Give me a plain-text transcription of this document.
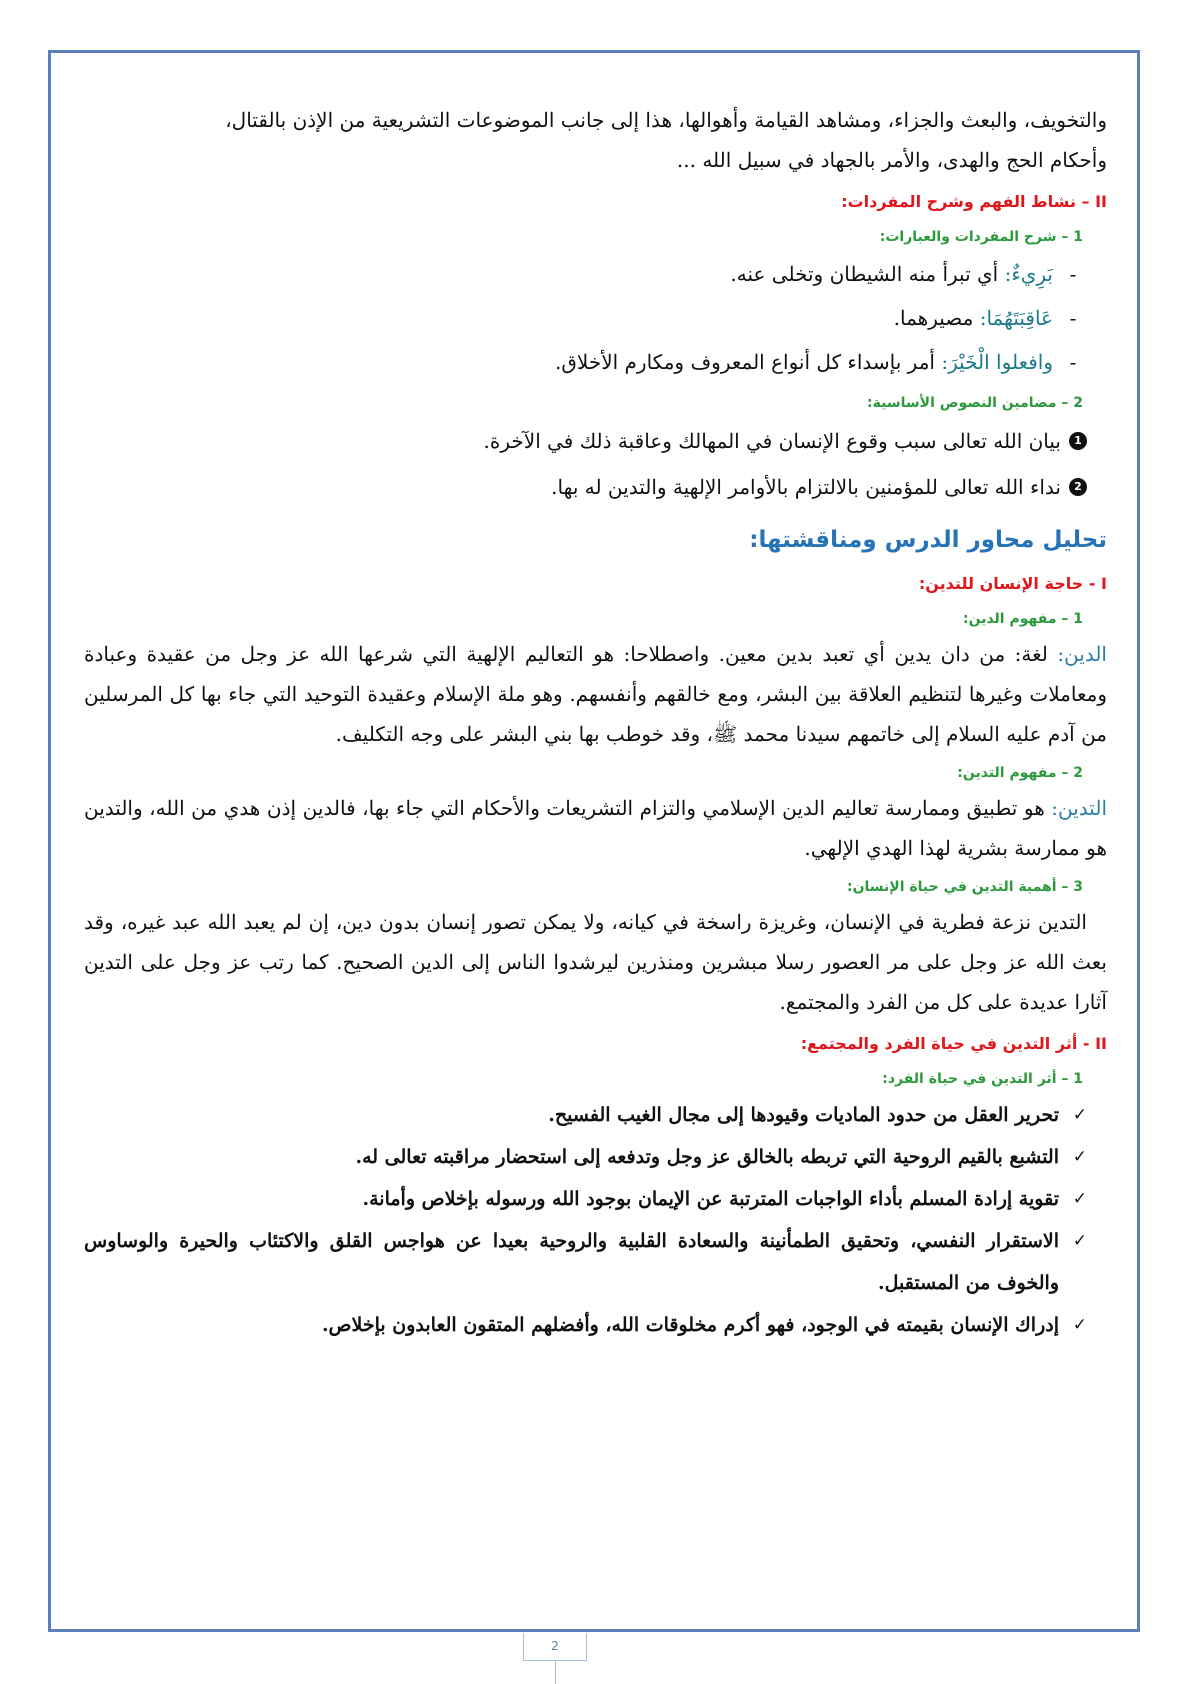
والتخويف، والبعث والجزاء، ومشاهد القيامة وأهوالها، هذا إلى جانب الموضوعات التشريعية من الإذن بالقتال،

وأحكام الحج والهدى، والأمر بالجهاد في سبيل الله ...

II – نشاط الفهم وشرح المفردات:
1 – شرح المفردات والعبارات:
-
بَرِيءٌ: أي تبرأ منه الشيطان وتخلى عنه.
-
عَاقِبَتَهُمَا: مصيرهما.
-
وافعلوا الْخَيْرَ: أمر بإسداء كل أنواع المعروف ومكارم الأخلاق.
2 – مضامين النصوص الأساسية:
1
بيان الله تعالى سبب وقوع الإنسان في المهالك وعاقبة ذلك في الآخرة.
2
نداء الله تعالى للمؤمنين بالالتزام بالأوامر الإلهية والتدين له بها.
تحليل محاور الدرس ومناقشتها:
I - حاجة الإنسان للتدين:
1 – مفهوم الدين:

الدين: لغة: من دان يدين أي تعبد بدين معين. واصطلاحا: هو التعاليم الإلهية التي شرعها الله عز وجل من عقيدة وعبادة ومعاملات وغيرها لتنظيم العلاقة بين البشر، ومع خالقهم وأنفسهم. وهو ملة الإسلام وعقيدة التوحيد التي جاء بها كل المرسلين من آدم عليه السلام إلى خاتمهم سيدنا محمد ﷺ، وقد خوطب بها بني البشر على وجه التكليف.

2 – مفهوم التدين:

التدين: هو تطبيق وممارسة تعاليم الدين الإسلامي والتزام التشريعات والأحكام التي جاء بها، فالدين إذن هدي من الله، والتدين هو ممارسة بشرية لهذا الهدي الإلهي.

3 – أهمية التدين في حياة الإنسان:

التدين نزعة فطرية في الإنسان، وغريزة راسخة في كيانه، ولا يمكن تصور إنسان بدون دين، إن لم يعبد الله عبد غيره، وقد بعث الله عز وجل على مر العصور رسلا مبشرين ومنذرين ليرشدوا الناس إلى الدين الصحيح. كما رتب عز وجل على التدين آثارا عديدة على كل من الفرد والمجتمع.

II - أثر التدين في حياة الفرد والمجتمع:
1 – أثر التدين في حياة الفرد:
✓
تحرير العقل من حدود الماديات وقيودها إلى مجال الغيب الفسيح.
✓
التشبع بالقيم الروحية التي تربطه بالخالق عز وجل وتدفعه إلى استحضار مراقبته تعالى له.
✓
تقوية إرادة المسلم بأداء الواجبات المترتبة عن الإيمان بوجود الله ورسوله بإخلاص وأمانة.
✓
الاستقرار النفسي، وتحقيق الطمأنينة والسعادة القلبية والروحية بعيدا عن هواجس القلق والاكتئاب والحيرة والوساوس والخوف من المستقبل.
✓
إدراك الإنسان بقيمته في الوجود، فهو أكرم مخلوقات الله، وأفضلهم المتقون العابدون بإخلاص.
2
